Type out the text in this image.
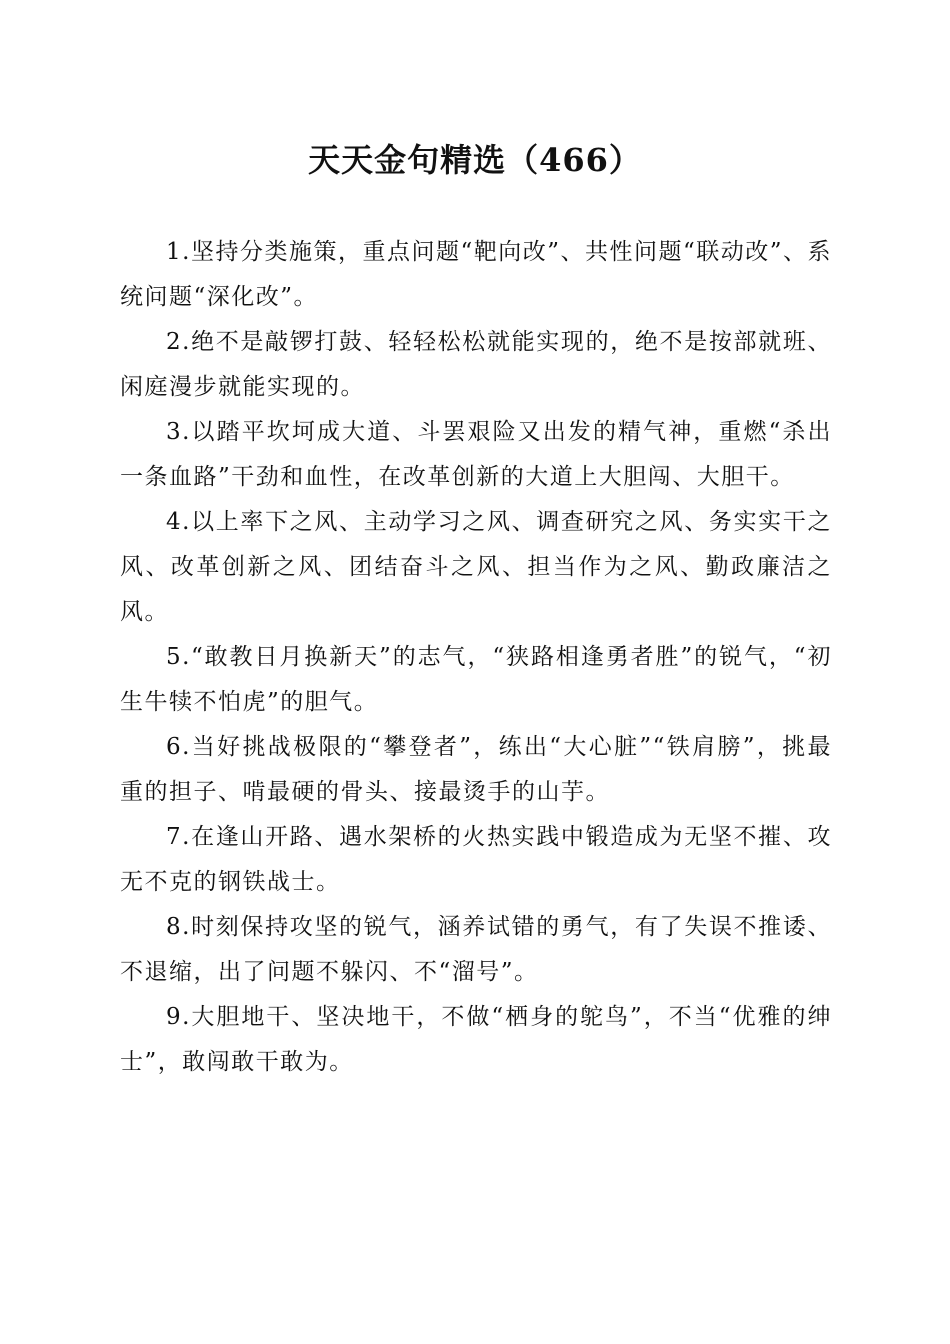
天天金句精选（466）

1.坚持分类施策，重点问题“靶向改”、共性问题“联动改”、系统问题“深化改”。

2.绝不是敲锣打鼓、轻轻松松就能实现的，绝不是按部就班、闲庭漫步就能实现的。

3.以踏平坎坷成大道、斗罢艰险又出发的精气神，重燃“杀出一条血路”干劲和血性，在改革创新的大道上大胆闯、大胆干。

4.以上率下之风、主动学习之风、调查研究之风、务实实干之风、改革创新之风、团结奋斗之风、担当作为之风、勤政廉洁之风。

5.“敢教日月换新天”的志气，“狭路相逢勇者胜”的锐气，“初生牛犊不怕虎”的胆气。

6.当好挑战极限的“攀登者”，练出“大心脏”“铁肩膀”，挑最重的担子、啃最硬的骨头、接最烫手的山芋。

7.在逢山开路、遇水架桥的火热实践中锻造成为无坚不摧、攻无不克的钢铁战士。

8.时刻保持攻坚的锐气，涵养试错的勇气，有了失误不推诿、不退缩，出了问题不躲闪、不“溜号”。

9.大胆地干、坚决地干，不做“栖身的鸵鸟”，不当“优雅的绅士”，敢闯敢干敢为。
